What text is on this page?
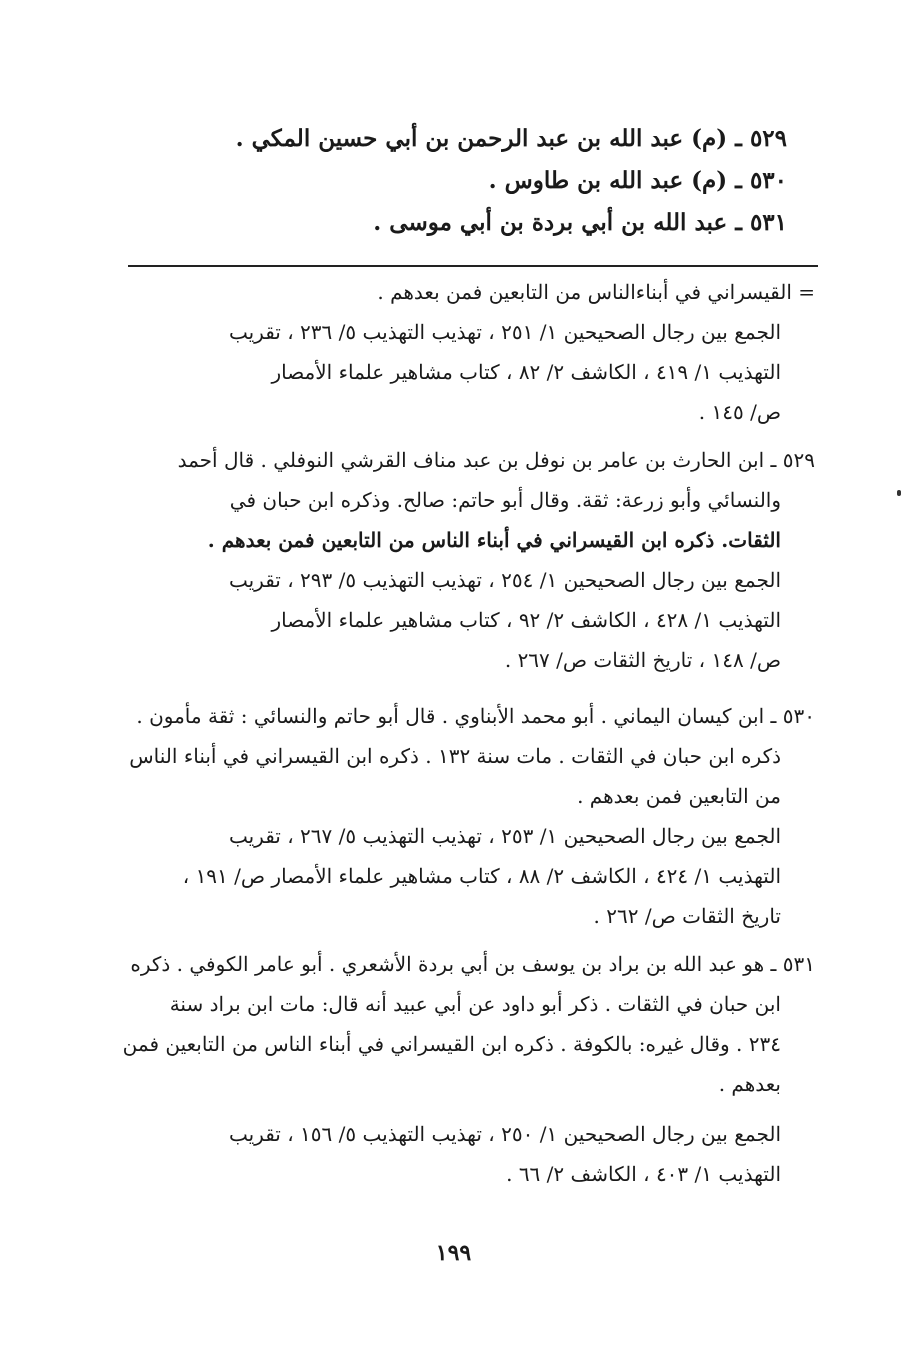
٥٢٩ ـ (م) عبد الله بن عبد الرحمن بن أبي حسين المكي .
٥٣٠ ـ (م) عبد الله بن طاوس .
٥٣١ ـ عبد الله بن أبي بردة بن أبي موسى .
= القيسراني في أبناءالناس من التابعين فمن بعدهم .
الجمع بين رجال الصحيحين ١/ ٢٥١ ، تهذيب التهذيب ٥/ ٢٣٦ ، تقريب
التهذيب ١/ ٤١٩ ، الكاشف ٢/ ٨٢ ، كتاب مشاهير علماء الأمصار
ص/ ١٤٥ .
٥٢٩ ـ ابن الحارث بن عامر بن نوفل بن عبد مناف القرشي النوفلي . قال أحمد
والنسائي وأبو زرعة: ثقة. وقال أبو حاتم: صالح. وذكره ابن حبان في
الثقات. ذكره ابن القيسراني في أبناء الناس من التابعين فمن بعدهم .
الجمع بين رجال الصحيحين ١/ ٢٥٤ ، تهذيب التهذيب ٥/ ٢٩٣ ، تقريب
التهذيب ١/ ٤٢٨ ، الكاشف ٢/ ٩٢ ، كتاب مشاهير علماء الأمصار
ص/ ١٤٨ ، تاريخ الثقات ص/ ٢٦٧ .
٥٣٠ ـ ابن كيسان اليماني . أبو محمد الأبناوي . قال أبو حاتم والنسائي : ثقة مأمون .
ذكره ابن حبان في الثقات . مات سنة ١٣٢ . ذكره ابن القيسراني في أبناء الناس
من التابعين فمن بعدهم .
الجمع بين رجال الصحيحين ١/ ٢٥٣ ، تهذيب التهذيب ٥/ ٢٦٧ ، تقريب
التهذيب ١/ ٤٢٤ ، الكاشف ٢/ ٨٨ ، كتاب مشاهير علماء الأمصار ص/ ١٩١ ،
تاريخ الثقات ص/ ٢٦٢ .
٥٣١ ـ هو عبد الله بن براد بن يوسف بن أبي بردة الأشعري . أبو عامر الكوفي . ذكره
ابن حبان في الثقات . ذكر أبو داود عن أبي عبيد أنه قال: مات ابن براد سنة
٢٣٤ . وقال غيره: بالكوفة . ذكره ابن القيسراني في أبناء الناس من التابعين فمن
بعدهم .
الجمع بين رجال الصحيحين ١/ ٢٥٠ ، تهذيب التهذيب ٥/ ١٥٦ ، تقريب
التهذيب ١/ ٤٠٣ ، الكاشف ٢/ ٦٦ .
١٩٩
